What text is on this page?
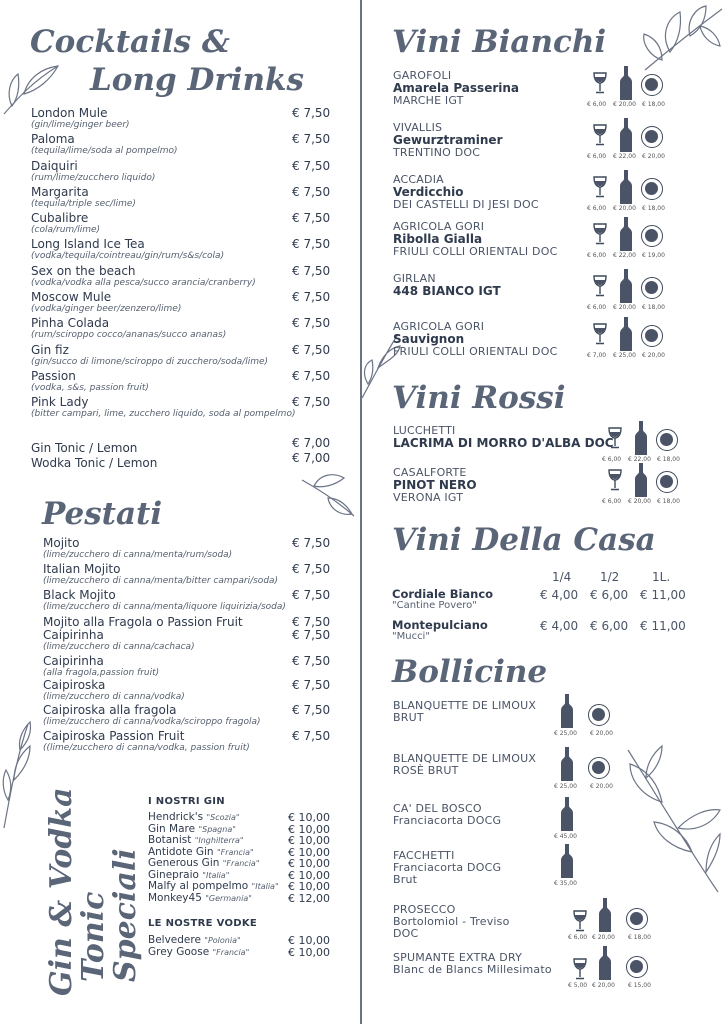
Cocktails &
Long Drinks
London Mule
(gin/lime/ginger beer)
€ 7,50
Paloma
(tequila/lime/soda al pompelmo)
€ 7,50
Daiquiri
(rum/lime/zucchero liquido)
€ 7,50
Margarita
(tequila/triple sec/lime)
€ 7,50
Cubalibre
(cola/rum/lime)
€ 7,50
Long Island Ice Tea
(vodka/tequila/cointreau/gin/rum/s&s/cola)
€ 7,50
Sex on the beach
(vodka/vodka alla pesca/succo arancia/cranberry)
€ 7,50
Moscow Mule
(vodka/ginger beer/zenzero/lime)
€ 7,50
Pinha Colada
(rum/sciroppo cocco/ananas/succo ananas)
€ 7,50
Gin fiz
(gin/succo di limone/sciroppo di zucchero/soda/lime)
€ 7,50
Passion
(vodka, s&s, passion fruit)
€ 7,50
Pink Lady
(bitter campari, lime, zucchero liquido, soda al pompelmo)
€ 7,50
Gin Tonic / Lemon	€ 7,00
Wodka Tonic / Lemon	€ 7,00
Pestati
Mojito
(lime/zucchero di canna/menta/rum/soda)
€ 7,50
Italian Mojito
(lime/zucchero di canna/menta/bitter campari/soda)
€ 7,50
Black Mojito
(lime/zucchero di canna/menta/liquore liquirizia/soda)
€ 7,50
Mojito alla Fragola o Passion Fruit	€ 7,50
Caipirinha
(lime/zucchero di canna/cachaca)
€ 7,50
Caipirinha
(alla fragola,passion fruit)
€ 7,50
Caipiroska
(lime/zucchero di canna/vodka)
€ 7,50
Caipiroska alla fragola
(lime/zucchero di canna/vodka/sciroppo fragola)
€ 7,50
Caipiroska Passion Fruit
((lime/zucchero di canna/vodka, passion fruit)
€ 7,50
Gin & Vodka
Tonic Speciali
I NOSTRI GIN
Hendrick's "Scozia"	€ 10,00
Gin Mare "Spagna"	€ 10,00
Botanist "Inghilterra"	€ 10,00
Antidote Gin "Francia"	€ 10,00
Generous Gin "Francia"	€ 10,00
Ginepraio "Italia"	€ 10,00
Malfy al pompelmo "Italia" € 10,00
Monkey45 "Germania"	€ 12,00
LE NOSTRE VODKE
Belvedere "Polonia"	€ 10,00
Grey Goose "Francia"	€ 10,00
Vini Bianchi
GAROFOLI
Amarela Passerina
MARCHE IGT	€ 6,00 € 20,00 € 18,00
VIVALLIS
Gewurztraminer
TRENTINO DOC	€ 6,00 € 22,00 € 20,00
ACCADIA
Verdicchio
DEI CASTELLI DI JESI DOC	€ 6,00 € 20,00 € 18,00
AGRICOLA GORI
Ribolla Gialla
FRIULI COLLI ORIENTALI DOC	€ 6,00 € 22,00 € 19,00
GIRLAN
448 BIANCO IGT
€ 6,00 € 20,00 € 18,00
AGRICOLA GORI
Sauvignon
FRIULI COLLI ORIENTALI DOC	€ 7,00 € 25,00 € 20,00
Vini Rossi
LUCCHETTI
LACRIMA DI MORRO D'ALBA DOC
€ 6,00 € 22,00 € 18,00
CASALFORTE
PINOT NERO
VERONA IGT	€ 6,00 € 20,00 € 18,00
Vini Della Casa
1/4 1/2	1L.
Cordiale Bianco
"Cantine Povero"
€ 4,00 € 6,00 € 11,00
Montepulciano
"Mucci"
€ 4,00 € 6,00 € 11,00
Bollicine
BLANQUETTE DE LIMOUX
BRUT
€ 25,00 € 20,00
BLANQUETTE DE LIMOUX
ROSÈ BRUT
€ 25,00 € 20,00
CA' DEL BOSCO
Franciacorta DOCG
€ 45,00
FACCHETTI
Franciacorta DOCG
Brut	€ 35,00
PROSECCO
Bortolomiol - Treviso
DOC	€ 6,00 € 20,00 € 18,00
SPUMANTE EXTRA DRY
Blanc de Blancs Millesimato
€ 5,00 € 20,00 € 15,00
